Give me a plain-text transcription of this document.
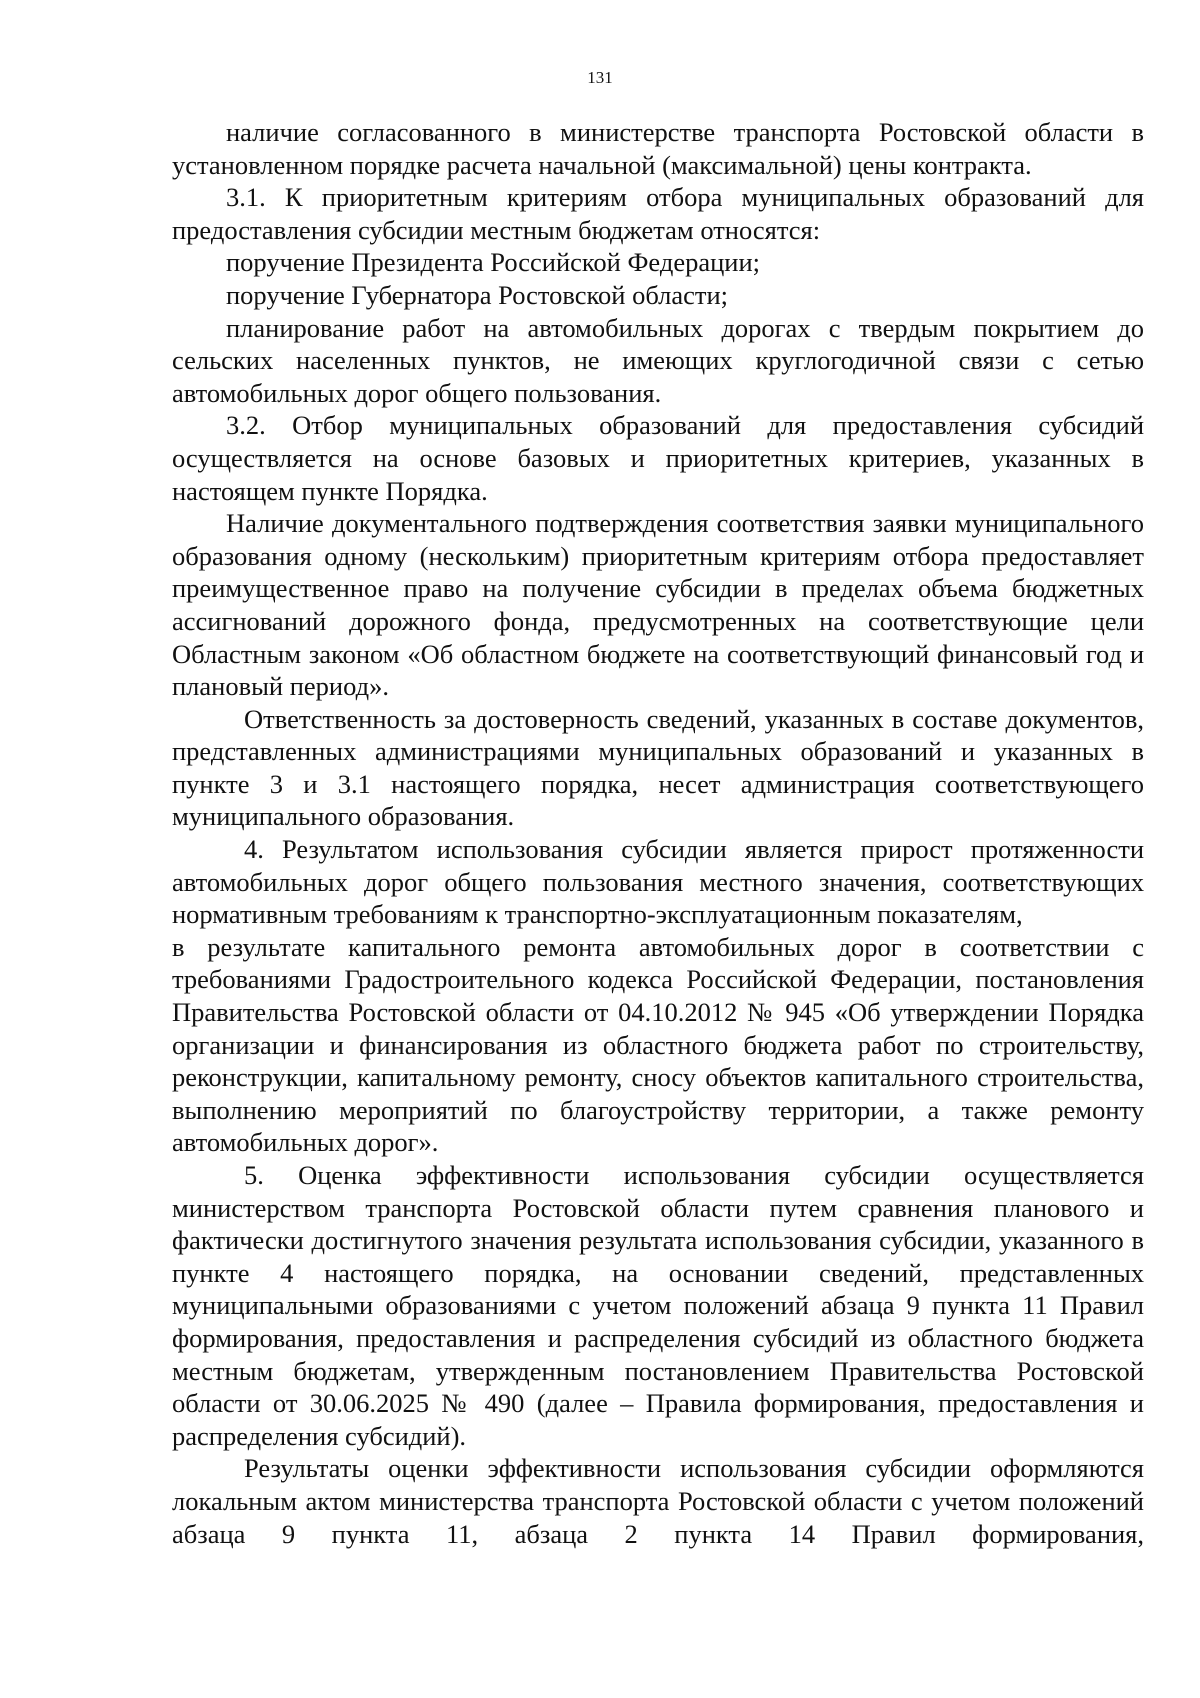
131

наличие согласованного в министерстве транспорта Ростовской области в установленном порядке расчета начальной (максимальной) цены контракта.

3.1. К приоритетным критериям отбора муниципальных образований для предоставления субсидии местным бюджетам относятся:

поручение Президента Российской Федерации;

поручение Губернатора Ростовской области;

планирование работ на автомобильных дорогах с твердым покрытием до сельских населенных пунктов, не имеющих круглогодичной связи с сетью автомобильных дорог общего пользования.

3.2. Отбор муниципальных образований для предоставления субсидий осуществляется на основе базовых и приоритетных критериев, указанных в настоящем пункте Порядка.

Наличие документального подтверждения соответствия заявки муниципального образования одному (нескольким) приоритетным критериям отбора предоставляет преимущественное право на получение субсидии в пределах объема бюджетных ассигнований дорожного фонда, предусмотренных на соответствующие цели Областным законом «Об областном бюджете на соответствующий финансовый год и плановый период».

Ответственность за достоверность сведений, указанных в составе документов, представленных администрациями муниципальных образований и указанных в пункте 3 и 3.1 настоящего порядка, несет администрация соответствующего муниципального образования.

4. Результатом использования субсидии является прирост протяженности автомобильных дорог общего пользования местного значения, соответствующих нормативным требованиям к транспортно-эксплуатационным показателям,

в результате капитального ремонта автомобильных дорог в соответствии с требованиями Градостроительного кодекса Российской Федерации, постановления Правительства Ростовской области от 04.10.2012 № 945 «Об утверждении Порядка организации и финансирования из областного бюджета работ по строительству, реконструкции, капитальному ремонту, сносу объектов капитального строительства, выполнению мероприятий по благоустройству территории, а также ремонту автомобильных дорог».

5. Оценка эффективности использования субсидии осуществляется министерством транспорта Ростовской области путем сравнения планового и фактически достигнутого значения результата использования субсидии, указанного в пункте 4 настоящего порядка, на основании сведений, представленных муниципальными образованиями с учетом положений абзаца 9 пункта 11 Правил формирования, предоставления и распределения субсидий из областного бюджета местным бюджетам, утвержденным постановлением Правительства Ростовской области от 30.06.2025 № 490 (далее – Правила формирования, предоставления и распределения субсидий).

Результаты оценки эффективности использования субсидии оформляются локальным актом министерства транспорта Ростовской области с учетом положений абзаца 9 пункта 11, абзаца 2 пункта 14 Правил формирования,
